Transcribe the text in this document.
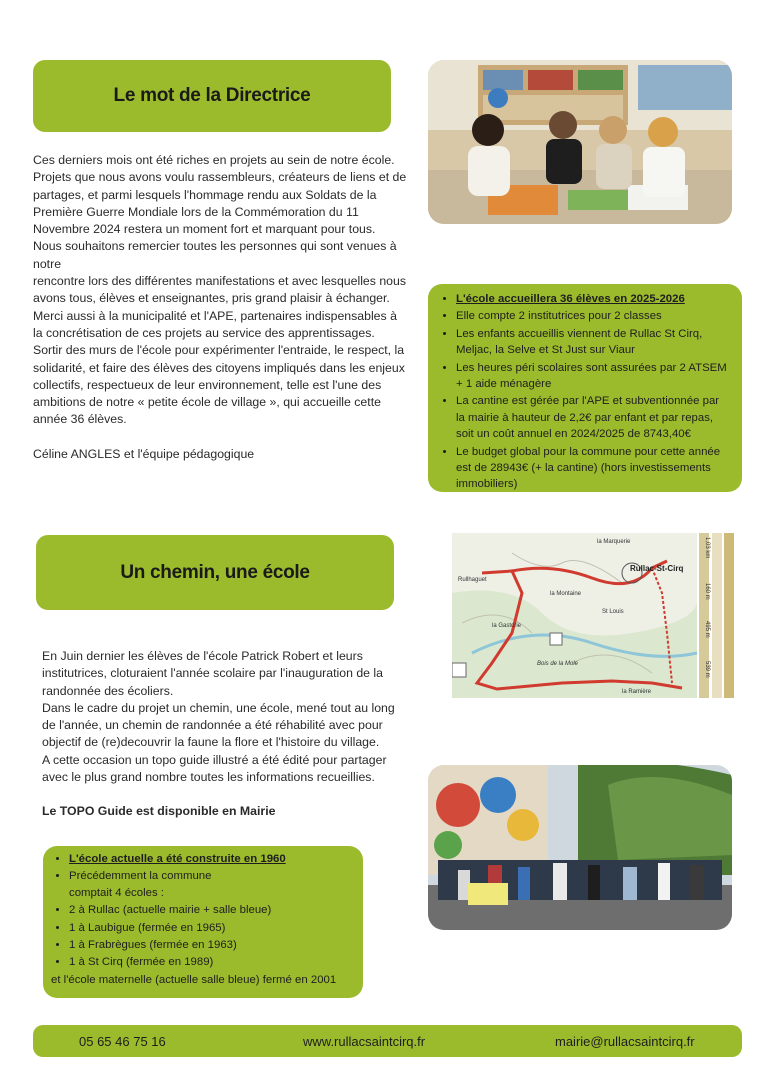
Le mot de la Directrice

Ces derniers mois ont été riches en projets au sein de notre école. Projets que nous avons voulu rassembleurs, créateurs de liens et de partages, et parmi lesquels l'hommage rendu aux Soldats de la Première Guerre Mondiale lors de la Commémoration du 11 Novembre 2024 restera un moment fort et marquant pour tous.

Nous souhaitons remercier toutes les personnes qui sont venues à notre

rencontre lors des différentes manifestations et avec lesquelles nous avons tous, élèves et enseignantes, pris grand plaisir à échanger. Merci aussi à la municipalité et l'APE, partenaires indispensables à la concrétisation de ces projets au service des apprentissages.

Sortir des murs de l'école pour expérimenter l'entraide, le respect, la solidarité, et faire des élèves des citoyens impliqués dans les enjeux collectifs, respectueux de leur environnement, telle est l'une des ambitions de notre « petite école de village », qui accueille cette année 36 élèves.

Céline ANGLES et l'équipe pédagogique

• L'école accueillera 36 élèves en 2025-2026
• Elle compte 2 institutrices pour 2 classes
• Les enfants accueillis viennent de Rullac St Cirq, Meljac, la Selve et St Just sur Viaur
• Les heures péri scolaires sont assurées par 2 ATSEM + 1 aide ménagère
• La cantine est gérée par l'APE et subventionnée par la mairie à hauteur de 2,2€ par enfant et par repas, soit un coût annuel en 2024/2025 de 8743,40€
• Le budget global pour la commune pour cette année est de 28943€ (+ la cantine) (hors investissements immobiliers)
Un chemin, une école

En Juin dernier les élèves de l'école Patrick Robert et leurs institutrices, cloturaient l'année scolaire par l'inauguration de la randonnée des écoliers.

Dans le cadre du projet un chemin, une école, mené tout au long de l'année, un chemin de randonnée a été réhabilité avec pour objectif de (re)decouvrir la faune la flore et l'histoire du village.

A cette occasion un topo guide illustré a été édité pour partager avec le plus grand nombre toutes les informations recueillies.

Le TOPO Guide est disponible en Mairie

la Marquerie
Rullhaguet
la Montaine
Rullac-St-Cirq
St Louis
la Gastorie
Bois de la Mole
la Ramière
1,03 km
160 m
495 m
539 m
• L'école actuelle a été construite en 1960
• Précédemment la commune comptait 4 écoles :
• 2 à Rullac (actuelle mairie + salle bleue)
• 1 à Laubigue (fermée en 1965)
• 1 à Frabrègues (fermée en 1963)
• 1 à St Cirq (fermée en 1989)
et l'école maternelle (actuelle salle bleue) fermé en 2001
05 65 46 75 16	www.rullacsaintcirq.fr	mairie@rullacsaintcirq.fr
